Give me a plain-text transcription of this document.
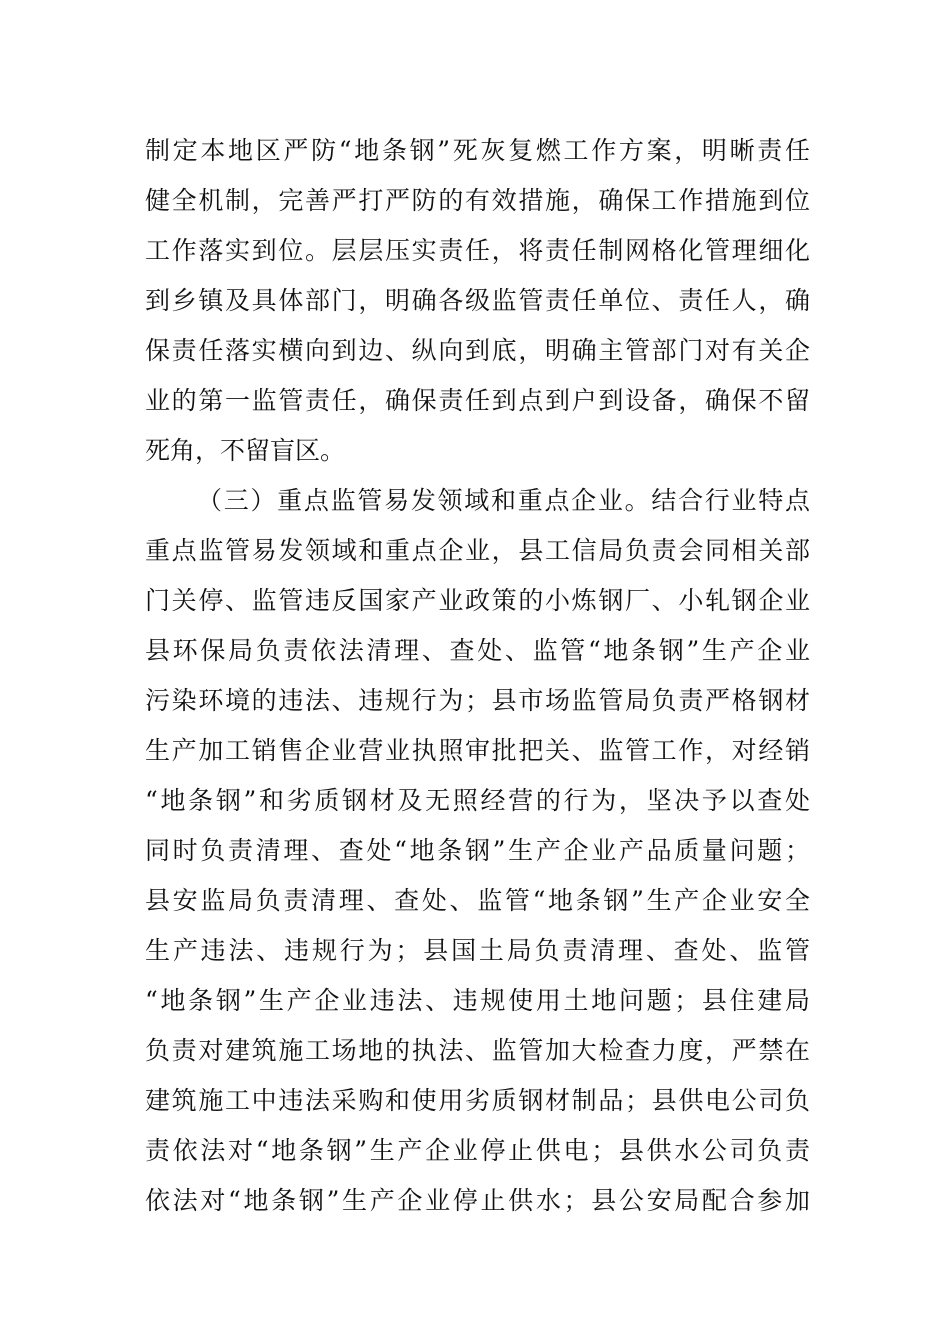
制定本地区严防“地条钢”死灰复燃工作方案，明晰责任
健全机制，完善严打严防的有效措施，确保工作措施到位
工作落实到位。层层压实责任，将责任制网格化管理细化
到乡镇及具体部门，明确各级监管责任单位、责任人，确
保责任落实横向到边、纵向到底，明确主管部门对有关企
业的第一监管责任，确保责任到点到户到设备，确保不留
死角，不留盲区。
（三）重点监管易发领域和重点企业。结合行业特点
重点监管易发领域和重点企业，县工信局负责会同相关部
门关停、监管违反国家产业政策的小炼钢厂、小轧钢企业
县环保局负责依法清理、查处、监管“地条钢”生产企业
污染环境的违法、违规行为；县市场监管局负责严格钢材
生产加工销售企业营业执照审批把关、监管工作，对经销
“地条钢”和劣质钢材及无照经营的行为，坚决予以查处
同时负责清理、查处“地条钢”生产企业产品质量问题；
县安监局负责清理、查处、监管“地条钢”生产企业安全
生产违法、违规行为；县国土局负责清理、查处、监管
“地条钢”生产企业违法、违规使用土地问题；县住建局
负责对建筑施工场地的执法、监管加大检查力度，严禁在
建筑施工中违法采购和使用劣质钢材制品；县供电公司负
责依法对“地条钢”生产企业停止供电；县供水公司负责
依法对“地条钢”生产企业停止供水；县公安局配合参加
